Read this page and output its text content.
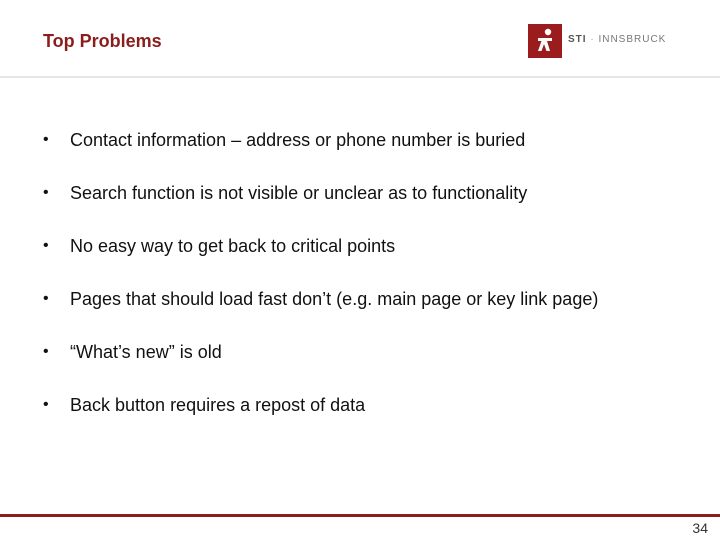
Top Problems	STI · INNSBRUCK
• Contact information – address or phone number is buried
• Search function is not visible or unclear as to functionality
• No easy way to get back to critical points
• Pages that should load fast don’t (e.g. main page or key link page)
• “What’s new” is old
• Back button requires a repost of data
34
